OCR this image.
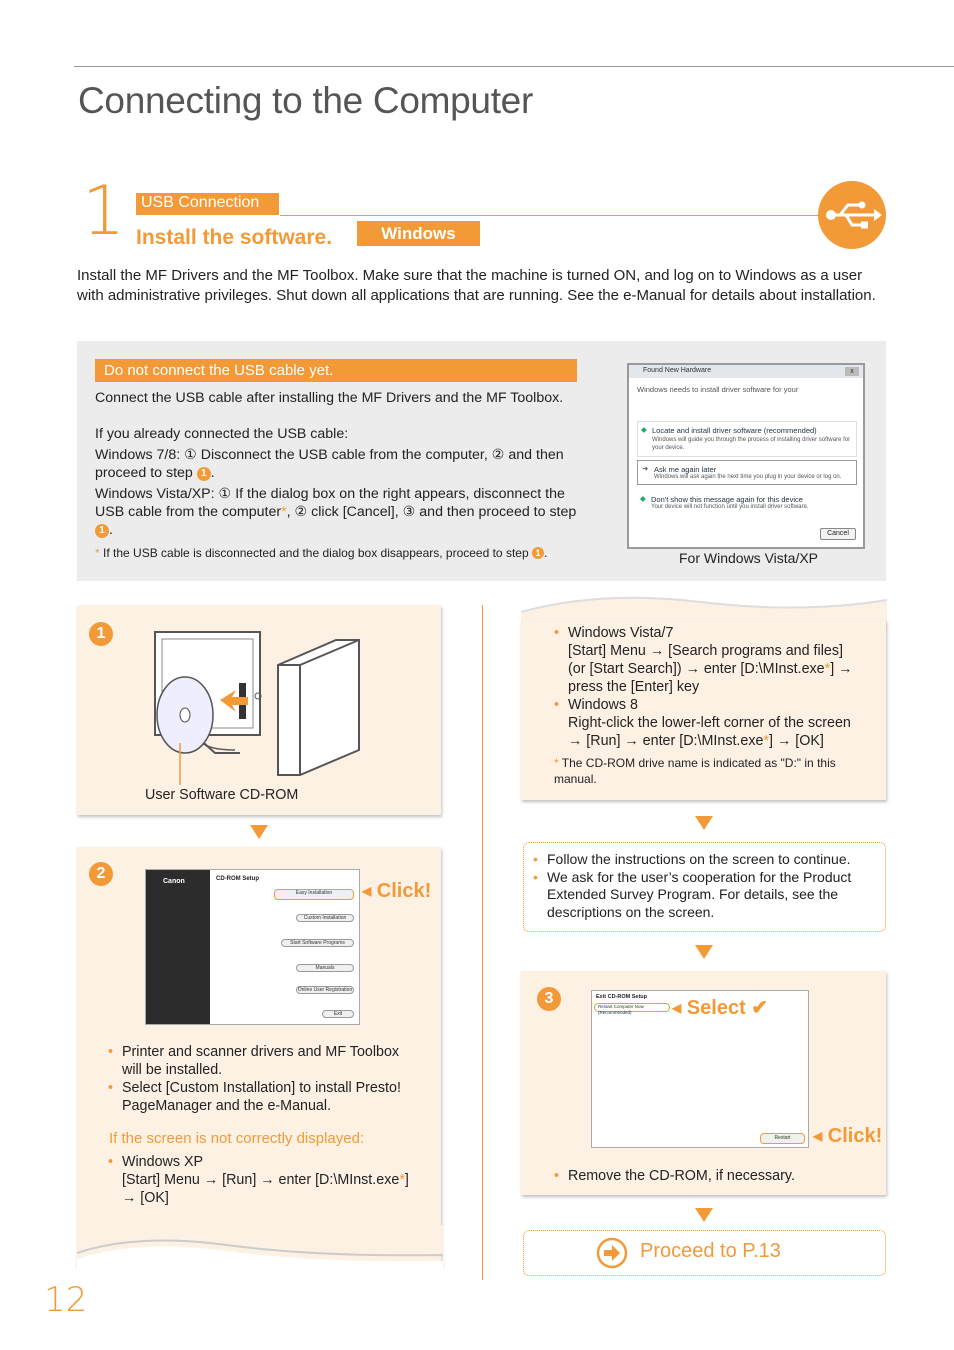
Connecting to the Computer
1 USB Connection
Install the software.	Windows
Install the MF Drivers and the MF Toolbox. Make sure that the machine is turned ON, and log on to Windows as a user with administrative privileges. Shut down all applications that are running. See the e-Manual for details about installation.
Do not connect the USB cable yet.
Connect the USB cable after installing the MF Drivers and the MF Toolbox.
If you already connected the USB cable:
Windows 7/8: ① Disconnect the USB cable from the computer, ② and then proceed to step 1 .
Windows Vista/XP: ① If the dialog box on the right appears, disconnect the USB cable from the computer*, ② click [Cancel], ③ and then proceed to step 1 .
* If the USB cable is disconnected and the dialog box disappears, proceed to step 1 .
Found New Hardware	x
Windows needs to install driver software for your
Locate and install driver software (recommended)
Windows will guide you through the process of installing driver software for your device.
◆
Ask me again later
Windows will ask again the next time you plug in your device or log on.
➜
Don't show this message again for this device
Your device will not function until you install driver software.
◆
Cancel
For Windows Vista/XP
1
User Software CD-ROM
2	Canon	CD-ROM Setup
Easy Installation
Custom Installation
Start Software Programs
Manuals
Online User Registration
Exit
◀ Click!
• Printer and scanner drivers and MF Toolbox will be installed.
• Select [Custom Installation] to install Presto! PageManager and the e-Manual.
If the screen is not correctly displayed:
• Windows XP
[Start] Menu → [Run] → enter [D:\MInst.exe*]
→ [OK]
• Windows Vista/7
[Start] Menu → [Search programs and files]
(or [Start Search]) → enter [D:\MInst.exe*] →
press the [Enter] key
• Windows 8
Right-click the lower-left corner of the screen
→ [Run] → enter [D:\MInst.exe*] → [OK]
* The CD-ROM drive name is indicated as "D:" in this manual.
• Follow the instructions on the screen to continue.
• We ask for the user’s cooperation for the Product Extended Survey Program. For details, see the descriptions on the screen.
3	Exit CD-ROM Setup
Restart Computer Now (Recommended)
Restart
◀ Select ✔
◀ Click!
• Remove the CD-ROM, if necessary.
Proceed to P.13
12
